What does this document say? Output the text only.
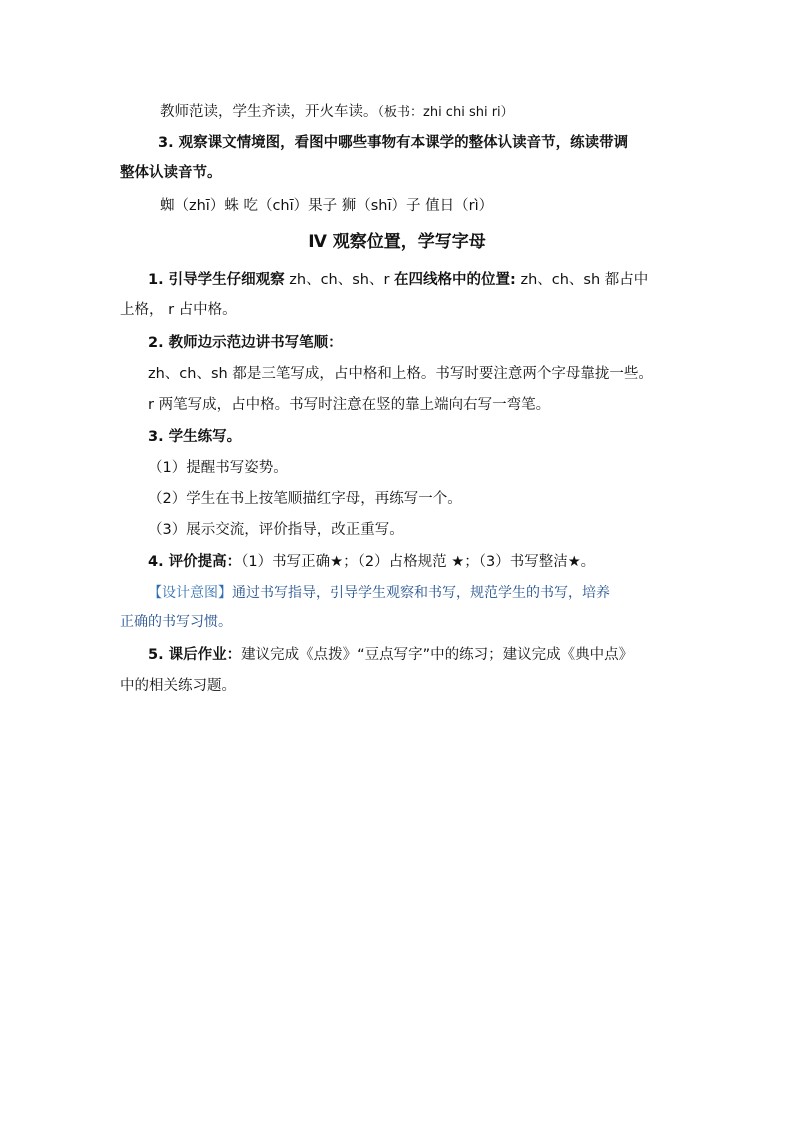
教师范读，学生齐读，开火车读。（板书：zhi chi shi ri）
3. 观察课文情境图，看图中哪些事物有本课学的整体认读音节，练读带调
整体认读音节。
蜘（zhī）蛛 吃（chī）果子 狮（shī）子 值日（rì）
Ⅳ 观察位置，学写字母
1. 引导学生仔细观察 zh、ch、sh、r 在四线格中的位置: zh、ch、sh 都占中
上格， r 占中格。
2. 教师边示范边讲书写笔顺：
zh、ch、sh 都是三笔写成，占中格和上格。书写时要注意两个字母靠拢一些。
r 两笔写成，占中格。书写时注意在竖的靠上端向右写一弯笔。
3. 学生练写。
（1）提醒书写姿势。
（2）学生在书上按笔顺描红字母，再练写一个。
（3）展示交流，评价指导，改正重写。
4. 评价提高：（1）书写正确★；（2）占格规范 ★；（3）书写整洁★。
【设计意图】通过书写指导，引导学生观察和书写，规范学生的书写，培养
正确的书写习惯。
5. 课后作业：建议完成《点拨》“豆点写字”中的练习；建议完成《典中点》
中的相关练习题。
